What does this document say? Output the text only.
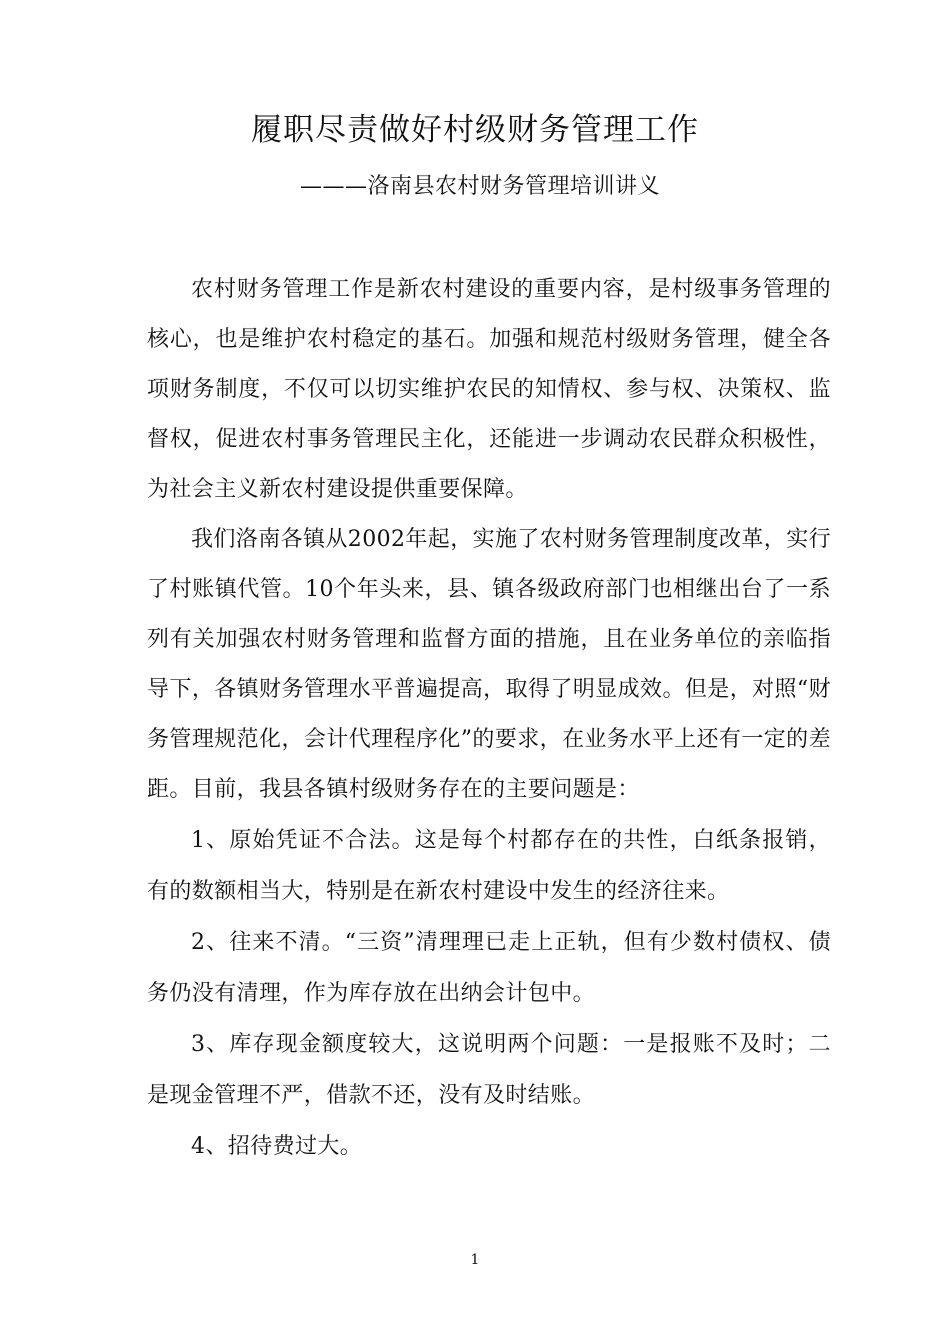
履职尽责做好村级财务管理工作

———洛南县农村财务管理培训讲义

农村财务管理工作是新农村建设的重要内容，是村级事务管理的核心，也是维护农村稳定的基石。加强和规范村级财务管理，健全各项财务制度，不仅可以切实维护农民的知情权、参与权、决策权、监督权，促进农村事务管理民主化，还能进一步调动农民群众积极性，为社会主义新农村建设提供重要保障。

我们洛南各镇从2002年起，实施了农村财务管理制度改革，实行了村账镇代管。10个年头来，县、镇各级政府部门也相继出台了一系列有关加强农村财务管理和监督方面的措施，且在业务单位的亲临指导下，各镇财务管理水平普遍提高，取得了明显成效。但是，对照“财务管理规范化，会计代理程序化”的要求，在业务水平上还有一定的差距。目前，我县各镇村级财务存在的主要问题是：

1、原始凭证不合法。这是每个村都存在的共性，白纸条报销，有的数额相当大，特别是在新农村建设中发生的经济往来。

2、往来不清。“三资”清理理已走上正轨，但有少数村债权、债务仍没有清理，作为库存放在出纳会计包中。

3、库存现金额度较大，这说明两个问题：一是报账不及时；二是现金管理不严，借款不还，没有及时结账。

4、招待费过大。

1
